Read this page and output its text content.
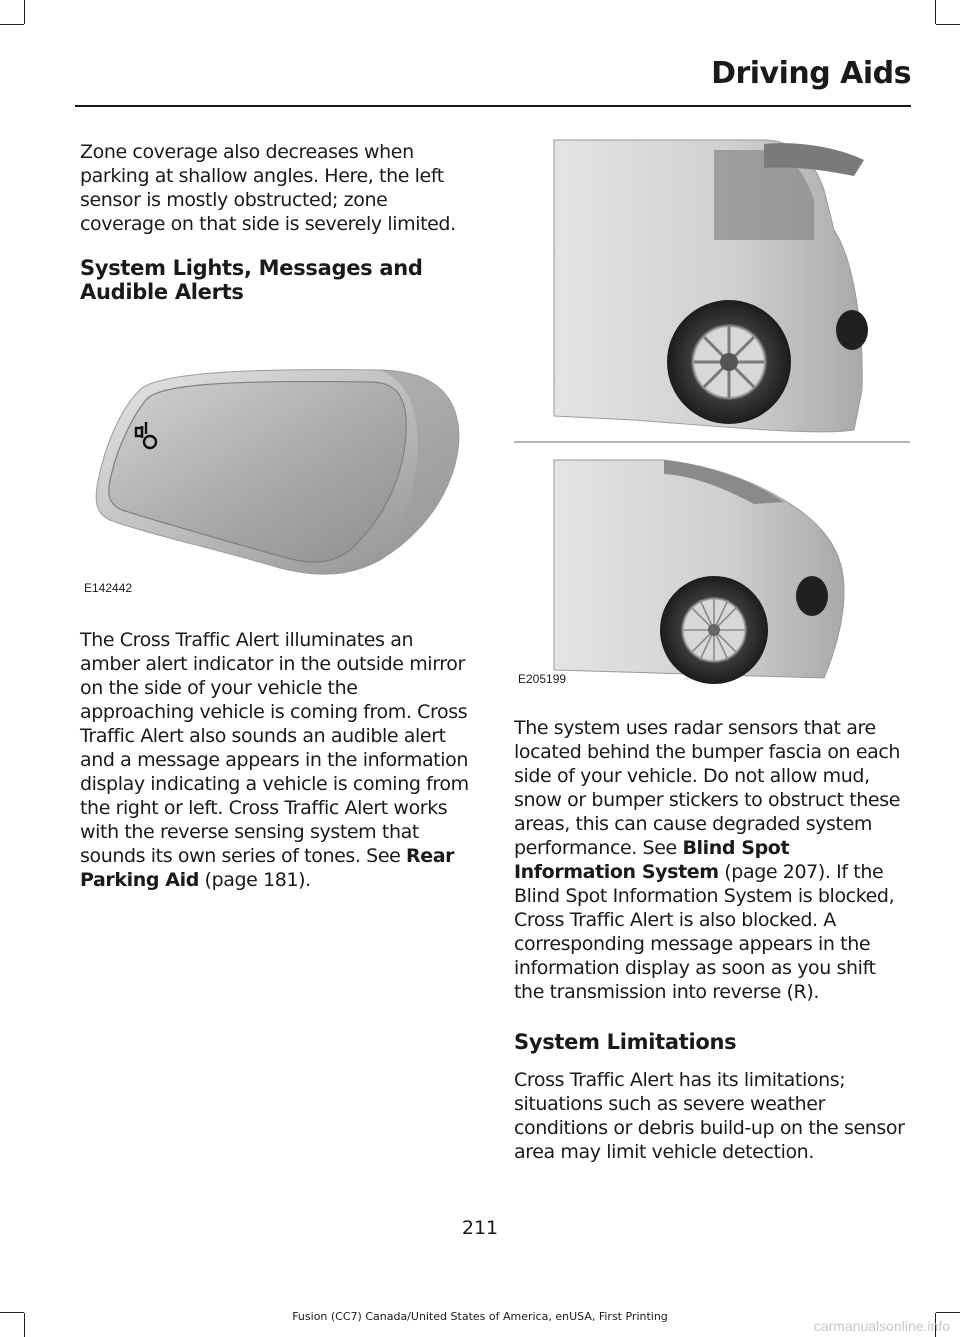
Driving Aids

Zone coverage also decreases when parking at shallow angles. Here, the left sensor is mostly obstructed; zone coverage on that side is severely limited.

System Lights, Messages and Audible Alerts
E142442

The Cross Traffic Alert illuminates an amber alert indicator in the outside mirror on the side of your vehicle the approaching vehicle is coming from. Cross Traffic Alert also sounds an audible alert and a message appears in the information display indicating a vehicle is coming from the right or left. Cross Traffic Alert works with the reverse sensing system that sounds its own series of tones. See Rear Parking Aid (page 181).

E205199

The system uses radar sensors that are located behind the bumper fascia on each side of your vehicle. Do not allow mud, snow or bumper stickers to obstruct these areas, this can cause degraded system performance. See Blind Spot Information System (page 207). If the Blind Spot Information System is blocked, Cross Traffic Alert is also blocked. A corresponding message appears in the information display as soon as you shift the transmission into reverse (R).

System Limitations

Cross Traffic Alert has its limitations; situations such as severe weather conditions or debris build-up on the sensor area may limit vehicle detection.

211
Fusion (CC7) Canada/United States of America, enUSA, First Printing
carmanualsonline.info
